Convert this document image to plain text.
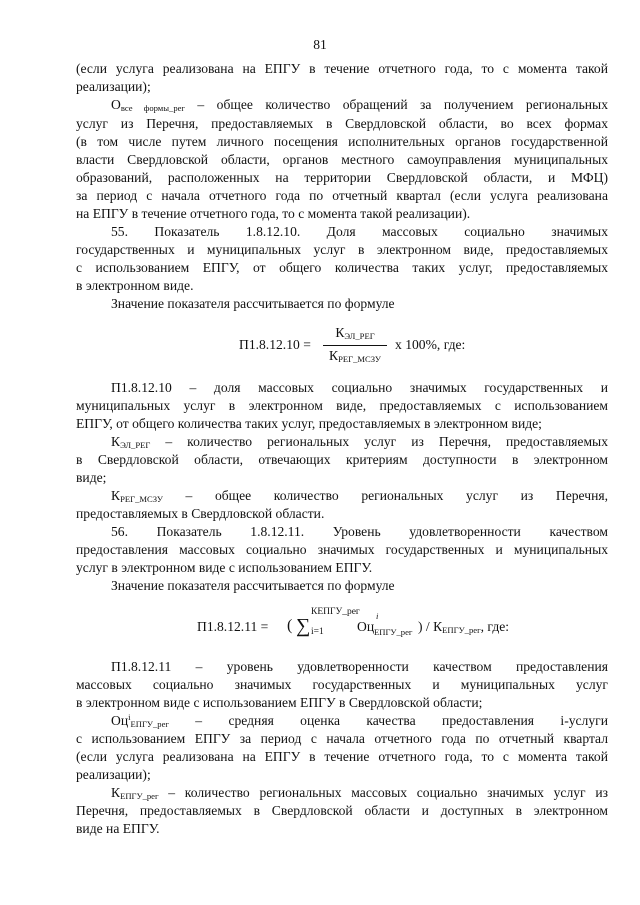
81
(если услуга реализована на ЕПГУ в течение отчетного года, то с момента такой
реализации);
Овсе формы_рег – общее количество обращений за получением региональных
услуг из Перечня, предоставляемых в Свердловской области, во всех формах
(в том числе путем личного посещения исполнительных органов государственной
власти Свердловской области, органов местного самоуправления муниципальных
образований, расположенных на территории Свердловской области, и МФЦ)
за период с начала отчетного года по отчетный квартал (если услуга реализована
на ЕПГУ в течение отчетного года, то с момента такой реализации).
55. Показатель 1.8.12.10. Доля массовых социально значимых
государственных и муниципальных услуг в электронном виде, предоставляемых
с использованием ЕПГУ, от общего количества таких услуг, предоставляемых
в электронном виде.
Значение показателя рассчитывается по формуле
П1.8.12.10 =
КЭЛ_РЕГ
КРЕГ_МСЗУ
x 100%, где:
П1.8.12.10 – доля массовых социально значимых государственных и
муниципальных услуг в электронном виде, предоставляемых с использованием
ЕПГУ, от общего количества таких услуг, предоставляемых в электронном виде;
КЭЛ_РЕГ – количество региональных услуг из Перечня, предоставляемых
в Свердловской области, отвечающих критериям доступности в электронном
виде;
КРЕГ_МСЗУ – общее количество региональных услуг из Перечня,
предоставляемых в Свердловской области.
56. Показатель 1.8.12.11. Уровень удовлетворенности качеством
предоставления массовых социально значимых государственных и муниципальных
услуг в электронном виде с использованием ЕПГУ.
Значение показателя рассчитывается по формуле
П1.8.12.11 = ( ∑
КЕПГУ_рег
i=1 Оц
i
ЕПГУ_рег ) / КЕПГУ_рег, где:
П1.8.12.11 – уровень удовлетворенности качеством предоставления
массовых социально значимых государственных и муниципальных услуг
в электронном виде с использованием ЕПГУ в Свердловской области;
$Оц^iЕПГУ\_рег$ – средняя оценка качества предоставления i-услуги
с использованием ЕПГУ за период с начала отчетного года по отчетный квартал
(если услуга реализована на ЕПГУ в течение отчетного года, то с момента такой
реализации);
КЕПГУ_рег – количество региональных массовых социально значимых услуг из
Перечня, предоставляемых в Свердловской области и доступных в электронном
виде на ЕПГУ.
